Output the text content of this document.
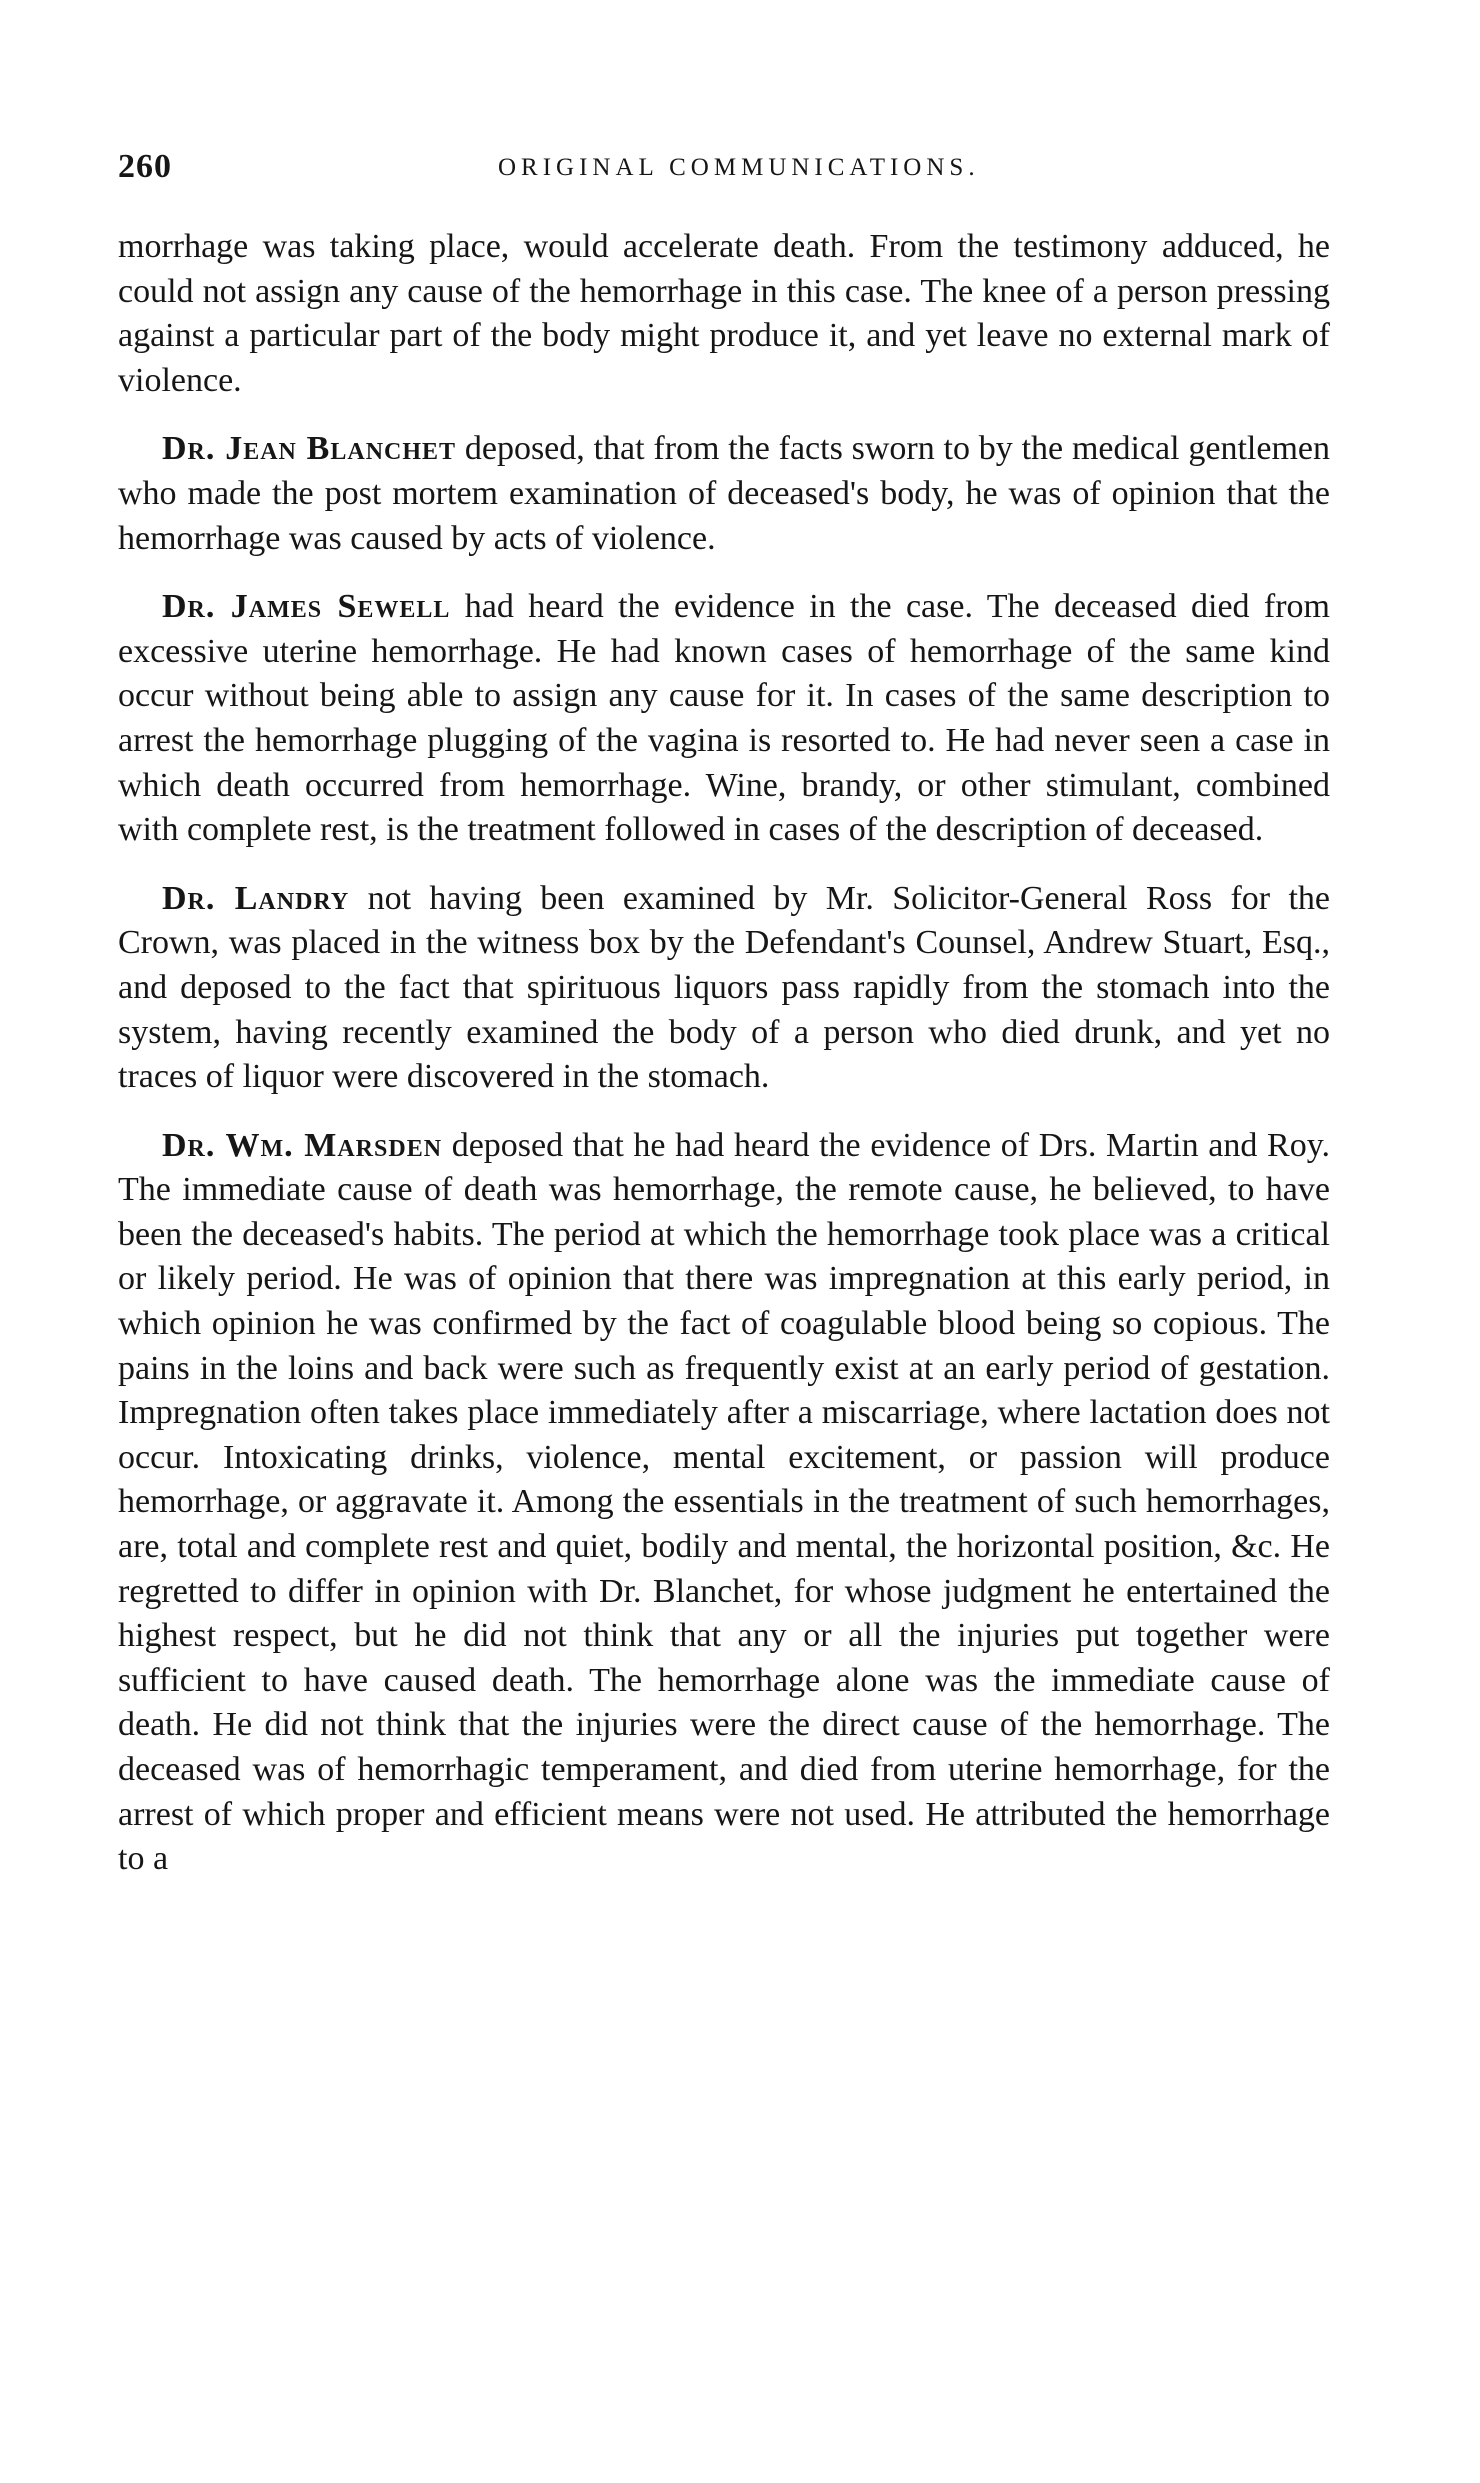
260	ORIGINAL COMMUNICATIONS.

morrhage was taking place, would accelerate death. From the testimony adduced, he could not assign any cause of the hemorrhage in this case. The knee of a person pressing against a particular part of the body might produce it, and yet leave no external mark of violence.

Dr. Jean Blanchet deposed, that from the facts sworn to by the medical gentlemen who made the post mortem examination of deceased's body, he was of opinion that the hemorrhage was caused by acts of violence.

Dr. James Sewell had heard the evidence in the case. The deceased died from excessive uterine hemorrhage. He had known cases of hemorrhage of the same kind occur without being able to assign any cause for it. In cases of the same description to arrest the hemorrhage plugging of the vagina is resorted to. He had never seen a case in which death occurred from hemorrhage. Wine, brandy, or other stimulant, combined with complete rest, is the treatment followed in cases of the description of deceased.

Dr. Landry not having been examined by Mr. Solicitor-General Ross for the Crown, was placed in the witness box by the Defendant's Counsel, Andrew Stuart, Esq., and deposed to the fact that spirituous liquors pass rapidly from the stomach into the system, having recently examined the body of a person who died drunk, and yet no traces of liquor were discovered in the stomach.

Dr. Wm. Marsden deposed that he had heard the evidence of Drs. Martin and Roy. The immediate cause of death was hemorrhage, the remote cause, he believed, to have been the deceased's habits. The period at which the hemorrhage took place was a critical or likely period. He was of opinion that there was impregnation at this early period, in which opinion he was confirmed by the fact of coagulable blood being so copious. The pains in the loins and back were such as frequently exist at an early period of gestation. Impregnation often takes place immediately after a miscarriage, where lactation does not occur. Intoxicating drinks, violence, mental excitement, or passion will produce hemorrhage, or aggravate it. Among the essentials in the treatment of such hemorrhages, are, total and complete rest and quiet, bodily and mental, the horizontal position, &c. He regretted to differ in opinion with Dr. Blanchet, for whose judgment he entertained the highest respect, but he did not think that any or all the injuries put together were sufficient to have caused death. The hemorrhage alone was the immediate cause of death. He did not think that the injuries were the direct cause of the hemorrhage. The deceased was of hemorrhagic temperament, and died from uterine hemorrhage, for the arrest of which proper and efficient means were not used. He attributed the hemorrhage to a
